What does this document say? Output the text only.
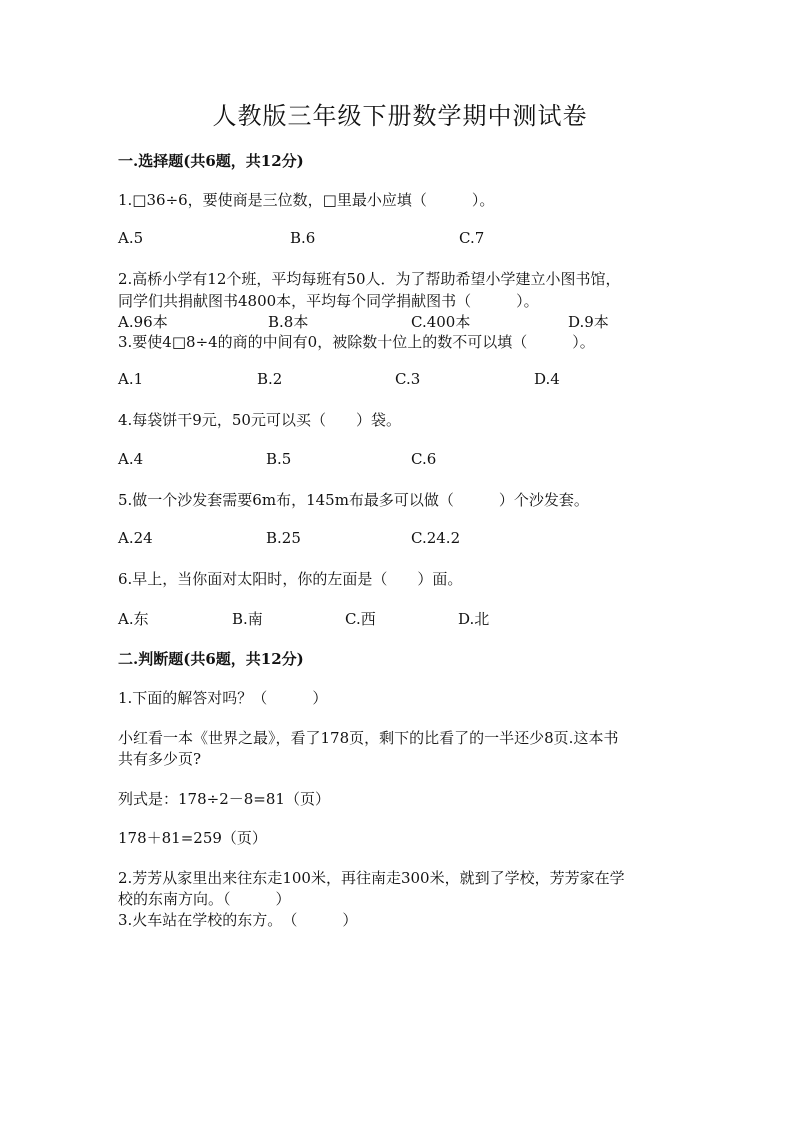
人教版三年级下册数学期中测试卷
一.选择题(共6题，共12分)
1.□36÷6，要使商是三位数，□里最小应填（　　　）。
A.5	B.6	C.7
2.高桥小学有12个班，平均每班有50人．为了帮助希望小学建立小图书馆，
同学们共捐献图书4800本，平均每个同学捐献图书（　　　）。
A.96本	B.8本	C.400本	D.9本
3.要使4□8÷4的商的中间有0，被除数十位上的数不可以填（　　　）。
A.1	B.2	C.3	D.4
4.每袋饼干9元，50元可以买（　　）袋。
A.4	B.5	C.6
5.做一个沙发套需要6m布，145m布最多可以做（　　　）个沙发套。
A.24	B.25	C.24.2
6.早上，当你面对太阳时，你的左面是（　　）面。
A.东	B.南	C.西	D.北
二.判断题(共6题，共12分)
1.下面的解答对吗？（　　　）
小红看一本《世界之最》，看了178页，剩下的比看了的一半还少8页.这本书
共有多少页?
列式是：178÷2－8=81（页）
178＋81=259（页）
2.芳芳从家里出来往东走100米，再往南走300米，就到了学校，芳芳家在学
校的东南方向。（　　　）
3.火车站在学校的东方。　（　　　）
